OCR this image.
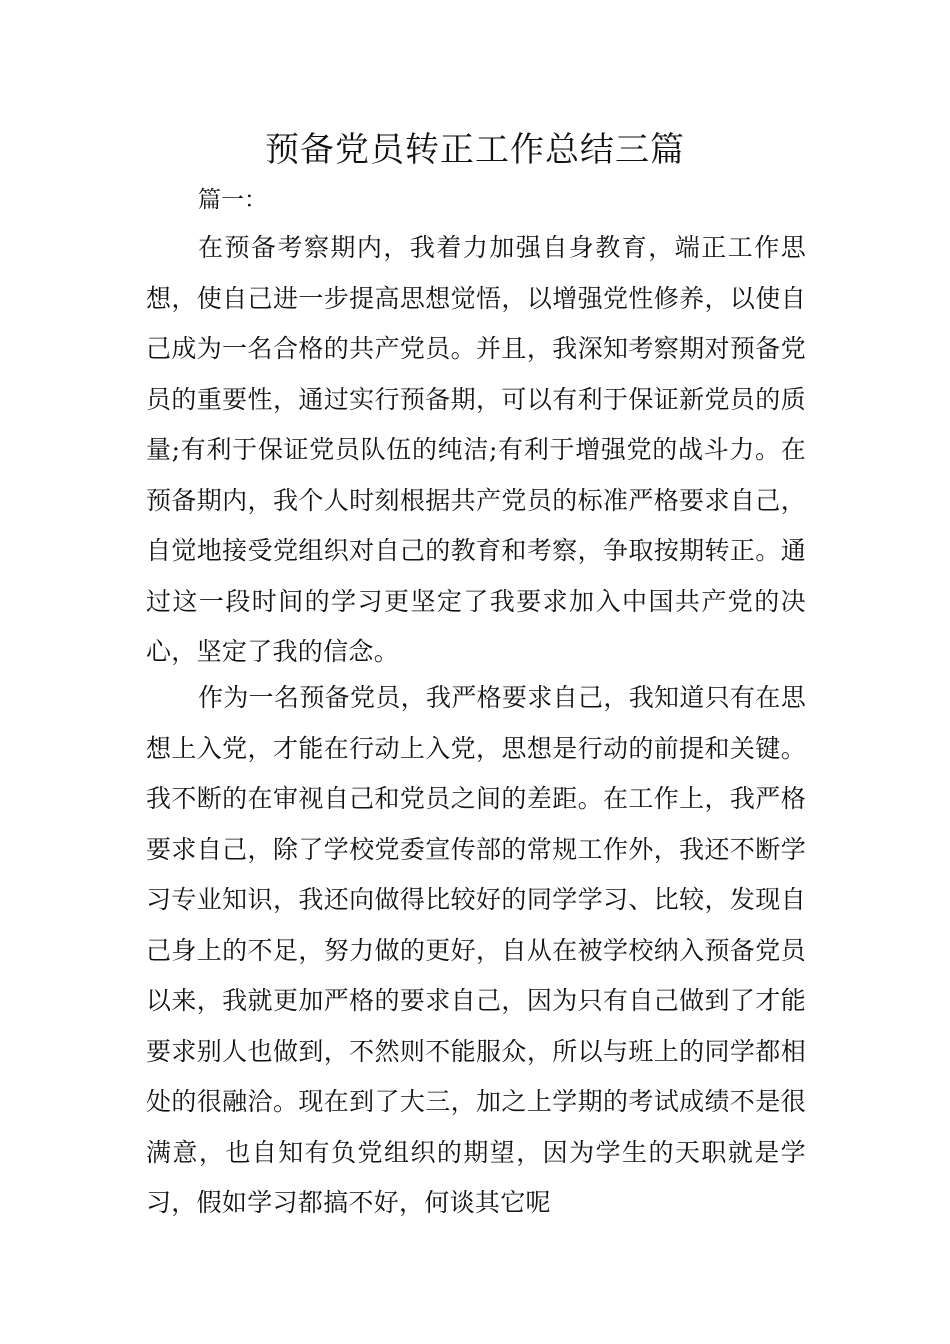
预备党员转正工作总结三篇

篇一：

在预备考察期内，我着力加强自身教育，端正工作思想，使自己进一步提高思想觉悟，以增强党性修养，以使自己成为一名合格的共产党员。并且，我深知考察期对预备党员的重要性，通过实行预备期，可以有利于保证新党员的质量;有利于保证党员队伍的纯洁;有利于增强党的战斗力。在预备期内，我个人时刻根据共产党员的标准严格要求自己，自觉地接受党组织对自己的教育和考察，争取按期转正。通过这一段时间的学习更坚定了我要求加入中国共产党的决心，坚定了我的信念。

作为一名预备党员，我严格要求自己，我知道只有在思想上入党，才能在行动上入党，思想是行动的前提和关键。我不断的在审视自己和党员之间的差距。在工作上，我严格要求自己，除了学校党委宣传部的常规工作外，我还不断学习专业知识，我还向做得比较好的同学学习、比较，发现自己身上的不足，努力做的更好，自从在被学校纳入预备党员以来，我就更加严格的要求自己，因为只有自己做到了才能要求别人也做到，不然则不能服众，所以与班上的同学都相处的很融洽。现在到了大三，加之上学期的考试成绩不是很满意，也自知有负党组织的期望，因为学生的天职就是学习，假如学习都搞不好，何谈其它呢
